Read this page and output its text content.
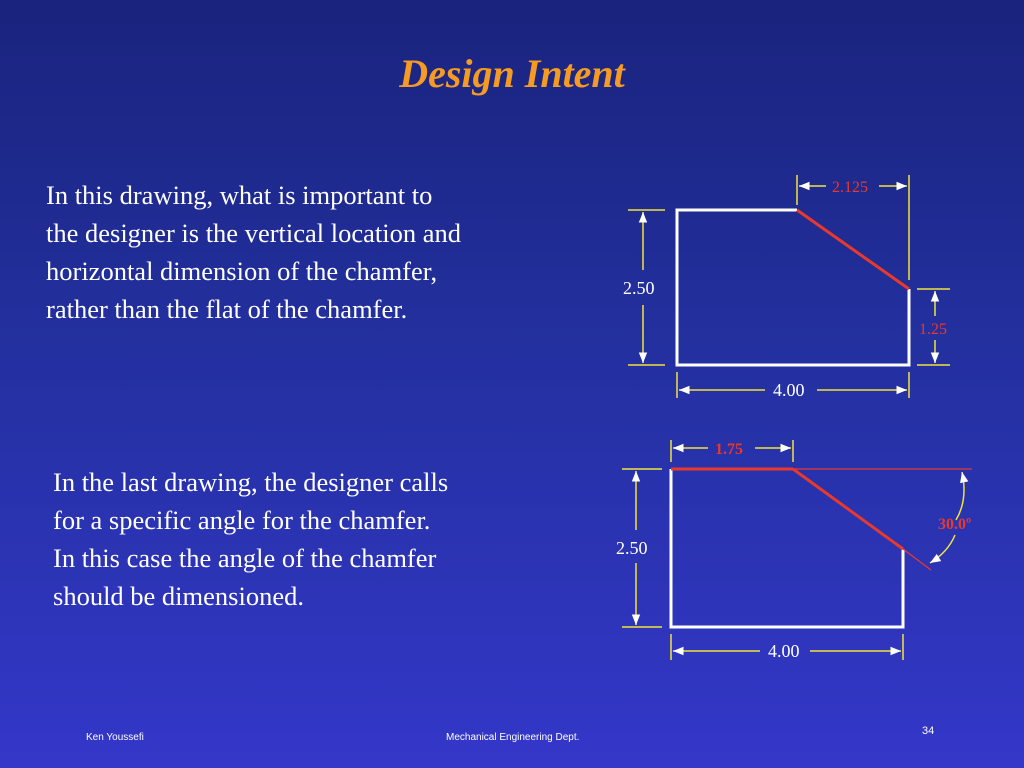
Design Intent
In this drawing, what is important to
the designer is the vertical location and
horizontal dimension of the chamfer,
rather than the flat of the chamfer.
In the last drawing, the designer calls
for a specific angle for the chamfer.
In this case the angle of the chamfer
should be dimensioned.
2.50
4.00
2.125
1.25
30.0º
1.75
2.50
4.00
Ken Youssefi	Mechanical Engineering Dept.
34
